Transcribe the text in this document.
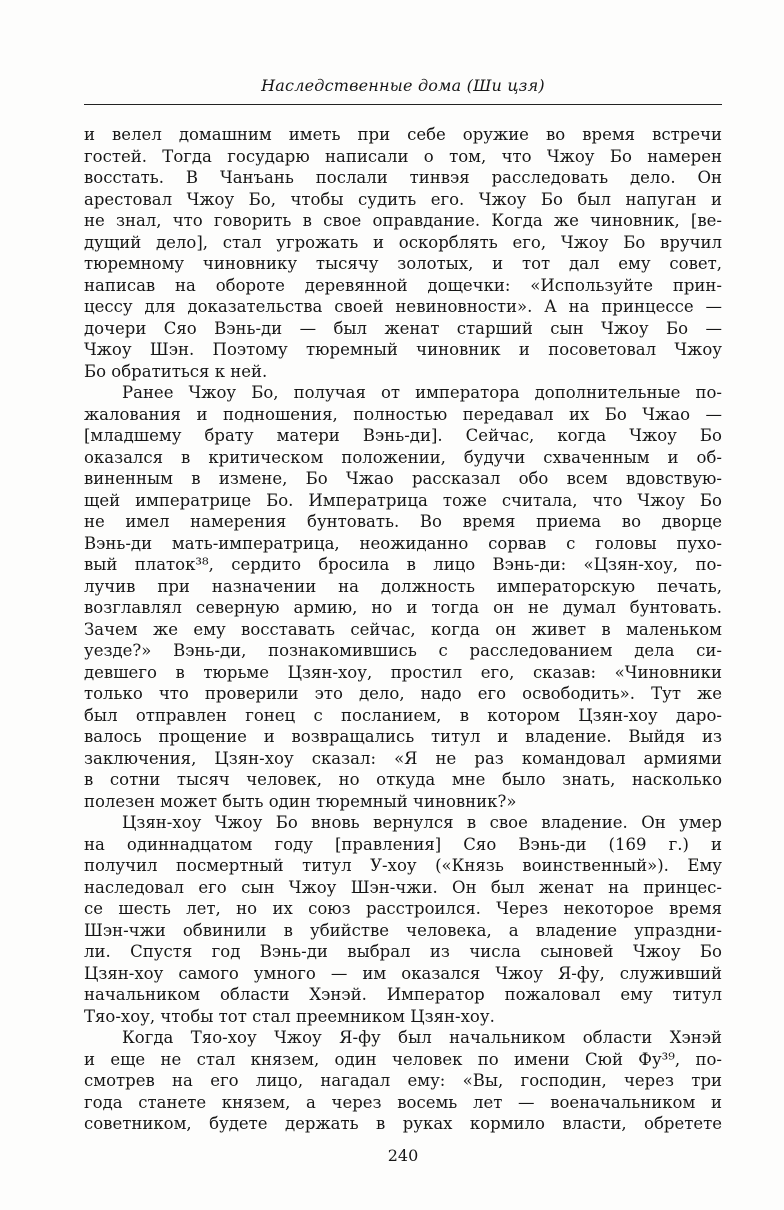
Наследственные дома (Ши цзя)
и велел домашним иметь при себе оружие во время встречи
гостей. Тогда государю написали о том, что Чжоу Бо намерен
восстать. В Чанъань послали тинвэя расследовать дело. Он
арестовал Чжоу Бо, чтобы судить его. Чжоу Бо был напуган и
не знал, что говорить в свое оправдание. Когда же чиновник, [ве-
дущий дело], стал угрожать и оскорблять его, Чжоу Бо вручил
тюремному чиновнику тысячу золотых, и тот дал ему совет,
написав на обороте деревянной дощечки: «Используйте прин-
цессу для доказательства своей невиновности». А на принцессе —
дочери Сяо Вэнь-ди — был женат старший сын Чжоу Бо —
Чжоу Шэн. Поэтому тюремный чиновник и посоветовал Чжоу
Бо обратиться к ней.
Ранее Чжоу Бо, получая от императора дополнительные по-
жалования и подношения, полностью передавал их Бо Чжао —
[младшему брату матери Вэнь-ди]. Сейчас, когда Чжоу Бо
оказался в критическом положении, будучи схваченным и об-
виненным в измене, Бо Чжао рассказал обо всем вдовствую-
щей императрице Бо. Императрица тоже считала, что Чжоу Бо
не имел намерения бунтовать. Во время приема во дворце
Вэнь-ди мать-императрица, неожиданно сорвав с головы пухо-
вый платок³⁸, сердито бросила в лицо Вэнь-ди: «Цзян-хоу, по-
лучив при назначении на должность императорскую печать,
возглавлял северную армию, но и тогда он не думал бунтовать.
Зачем же ему восставать сейчас, когда он живет в маленьком
уезде?» Вэнь-ди, познакомившись с расследованием дела си-
девшего в тюрьме Цзян-хоу, простил его, сказав: «Чиновники
только что проверили это дело, надо его освободить». Тут же
был отправлен гонец с посланием, в котором Цзян-хоу даро-
валось прощение и возвращались титул и владение. Выйдя из
заключения, Цзян-хоу сказал: «Я не раз командовал армиями
в сотни тысяч человек, но откуда мне было знать, насколько
полезен может быть один тюремный чиновник?»
Цзян-хоу Чжоу Бо вновь вернулся в свое владение. Он умер
на одиннадцатом году [правления] Сяо Вэнь-ди (169 г.) и
получил посмертный титул У-хоу («Князь воинственный»). Ему
наследовал его сын Чжоу Шэн-чжи. Он был женат на принцес-
се шесть лет, но их союз расстроился. Через некоторое время
Шэн-чжи обвинили в убийстве человека, а владение упраздни-
ли. Спустя год Вэнь-ди выбрал из числа сыновей Чжоу Бо
Цзян-хоу самого умного — им оказался Чжоу Я-фу, служивший
начальником области Хэнэй. Император пожаловал ему титул
Тяо-хоу, чтобы тот стал преемником Цзян-хоу.
Когда Тяо-хоу Чжоу Я-фу был начальником области Хэнэй
и еще не стал князем, один человек по имени Сюй Фу³⁹, по-
смотрев на его лицо, нагадал ему: «Вы, господин, через три
года станете князем, а через восемь лет — военачальником и
советником, будете держать в руках кормило власти, обретете
240
